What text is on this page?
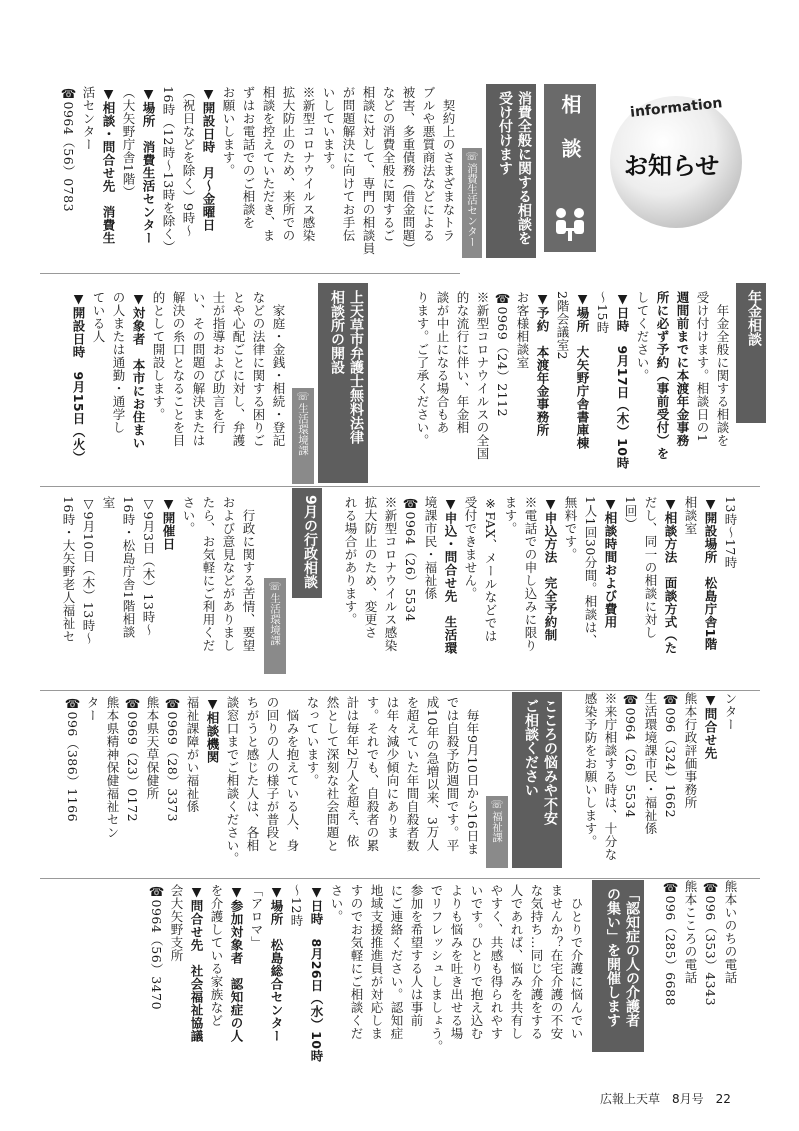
information
お知らせ
相談
消費全般に関する相談を受け付けます
☏消費生活センター
　契約上のさまざまなトラ
ブルや悪質商法などによる
被害、多重債務（借金問題）
などの消費全般に関するご
相談に対して、専門の相談員
が問題解決に向けてお手伝
いしています。
※新型コロナウイルス感染
拡大防止のため、来所での
相談を控えていただき、ま
ずはお電話でのご相談を
お願いします。
▼開設日時　月～金曜日
（祝日などを除く）9時～
16時（12時～13時を除く）
▼場所　消費生活センター
（大矢野庁舎1階）
▼相談・問合せ先　消費生
活センター
☎0964（56）0783
年金相談
　年金全般に関する相談を
受け付けます。相談日の1
週間前までに本渡年金事務
所に必ず予約（事前受付）を
してください。
▼日時　9月17日（木）10時
～15時
▼場所　大矢野庁舎書庫棟
2階会議室2
▼予約　本渡年金事務所
お客様相談室
☎0969（24）2112
※新型コロナウイルスの全国
的な流行に伴い、年金相
談が中止になる場合もあ
ります。ご了承ください。
上天草市弁護士無料法律
相談所の開設
☏生活環境課
　家庭・金銭・相続・登記
などの法律に関する困りご
とや心配ごとに対し、弁護
士が指導および助言を行
い、その問題の解決または
解決の糸口となることを目
的として開設します。
▼対象者　本市にお住まい
の人または通勤・通学し
ている人
▼開設日時　9月15日（火）
13時～17時
▼開設場所　松島庁舎1階
相談室
▼相談方法　面談方式（た
だし、同一の相談に対し
1回）
▼相談時間および費用
1人1回30分間。相談は、
無料です。
▼申込方法　完全予約制
※電話での申し込みに限り
ます。
※FAX、メールなどでは
受付できません。
▼申込・問合せ先　生活環
境課市民・福祉係
☎0964（26）5534
※新型コロナウイルス感染
拡大防止のため、変更さ
れる場合があります。
9月の行政相談
☏生活環境課
　行政に関する苦情、要望
および意見などがありまし
たら、お気軽にご利用くだ
さい。
▼開催日
▽9月3日（木）13時～
16時・松島庁舎1階相談
室
▽9月10日（木）13時～
16時・大矢野老人福祉セ
ンター
▼問合せ先
熊本行政評価事務所
☎096（324）1662
生活環境課市民・福祉係
☎0964（26）5534
※来庁相談する時は、十分な
感染予防をお願いします。
こころの悩みや不安ご相談ください
☏福祉課
　毎年9月10日から16日ま
では自殺予防週間です。平
成10年の急増以来、3万人
を超えていた年間自殺者数
は年々減少傾向にありま
す。それでも、自殺者の累
計は毎年2万人を超え、依
然として深刻な社会問題と
なっています。
　悩みを抱えている人、身
の回りの人の様子が普段と
ちがうと感じた人は、各相
談窓口までご相談ください。
▼相談機関
福祉課障がい福祉係
☎0969（28）3373
熊本県天草保健所
☎0969（23）0172
熊本県精神保健福祉セン
ター
☎096（386）1166
熊本いのちの電話
☎096（353）4343
熊本こころの電話
☎096（285）6688
「認知症の人の介護者
の集い」を開催します
　ひとりで介護に悩んでい
ませんか？在宅介護の不安
な気持ち…同じ介護をする
人であれば、悩みを共有し
やすく、共感も得られやす
いです。ひとりで抱え込む
よりも悩みを吐き出せる場
でリフレッシュしましょう。
参加を希望する人は事前
にご連絡ください。認知症
地域支援推進員が対応しま
すのでお気軽にご相談くだ
さい。
▼日時　8月26日（水）10時
～12時
▼場所　松島総合センター
「アロマ」
▼参加対象者　認知症の人
を介護している家族など
▼問合せ先　社会福祉協議
会大矢野支所
☎0964（56）3470
広報上天草　8月号　22
